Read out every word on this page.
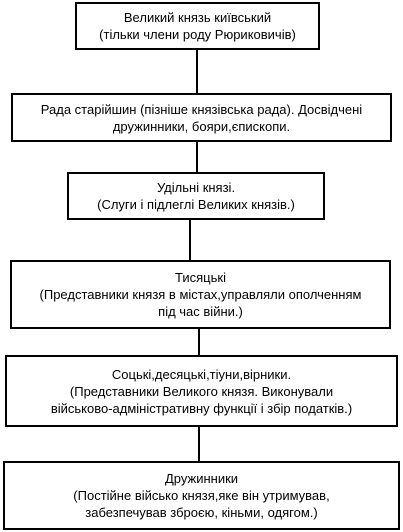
Великий князь київський
(тільки члени роду Рюриковичів)
Рада старійшин (пізніше князівська рада). Досвідчені
дружинники, бояри,єпископи.
Удільні князі.
(Слуги і підлеглі Великих князів.)
Тисяцькі
(Представники князя в містах,управляли ополченням
під час війни.)
Соцькі,десяцькі,тіуни,вірники.
(Представники Великого князя. Виконували
військово-адміністративну функції і збір податків.)
Дружинники
(Постійне військо князя,яке він утримував,
забезпечував зброєю, кіньми, одягом.)
